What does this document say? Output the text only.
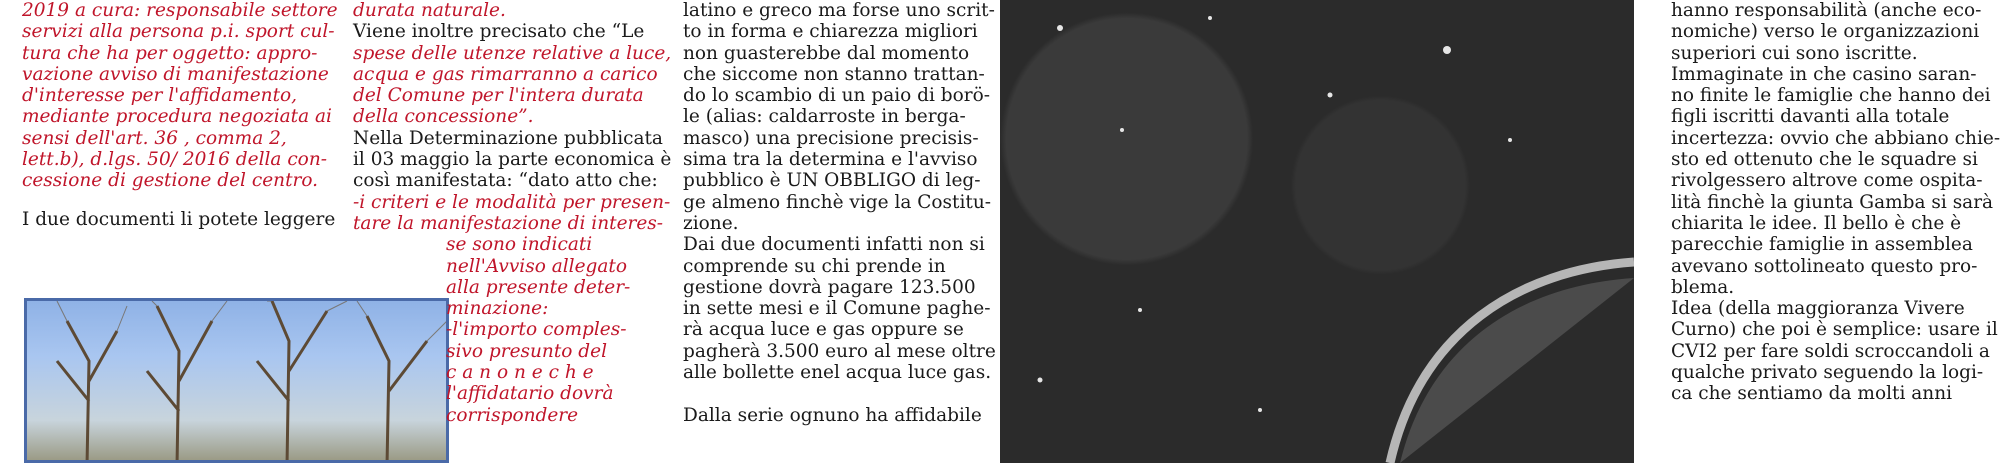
2019 a cura: responsabile settore
servizi alla persona p.i. sport cul-
tura che ha per oggetto: appro-
vazione avviso di manifestazione
d'interesse per l'affidamento,
mediante procedura negoziata ai
sensi dell'art. 36 , comma 2,
lett.b), d.lgs. 50/ 2016 della con-
cessione di gestione del centro.
I due documenti li potete leggere
durata naturale.
Viene inoltre precisato che “Le
spese delle utenze relative a luce,
acqua e gas rimarranno a carico
del Comune per l'intera durata
della concessione”.
Nella Determinazione pubblicata
il 03 maggio la parte economica è
così manifestata: “dato atto che:
-i criteri e le modalità per presen-
tare la manifestazione di interes-
se sono indicati
nell'Avviso allegato
alla presente deter-
minazione:
-l'importo comples-
sivo presunto del
c a n o n e c h e
l'affidatario dovrà
corrispondere
latino e greco ma forse uno scrit-
to in forma e chiarezza migliori
non guasterebbe dal momento
che siccome non stanno trattan-
do lo scambio di un paio di borö-
le (alias: caldarroste in berga-
masco) una precisione precisis-
sima tra la determina e l'avviso
pubblico è UN OBBLIGO di leg-
ge almeno finchè vige la Costitu-
zione.
Dai due documenti infatti non si
comprende su chi prende in
gestione dovrà pagare 123.500
in sette mesi e il Comune paghe-
rà acqua luce e gas oppure se
pagherà 3.500 euro al mese oltre
alle bollette enel acqua luce gas.
Dalla serie ognuno ha affidabile
hanno responsabilità (anche eco-
nomiche) verso le organizzazioni
superiori cui sono iscritte.
Immaginate in che casino saran-
no finite le famiglie che hanno dei
figli iscritti davanti alla totale
incertezza: ovvio che abbiano chie-
sto ed ottenuto che le squadre si
rivolgessero altrove come ospita-
lità finchè la giunta Gamba si sarà
chiarita le idee. Il bello è che è
parecchie famiglie in assemblea
avevano sottolineato questo pro-
blema.
Idea (della maggioranza Vivere
Curno) che poi è semplice: usare il
CVI2 per fare soldi scroccandoli a
qualche privato seguendo la logi-
ca che sentiamo da molti anni
